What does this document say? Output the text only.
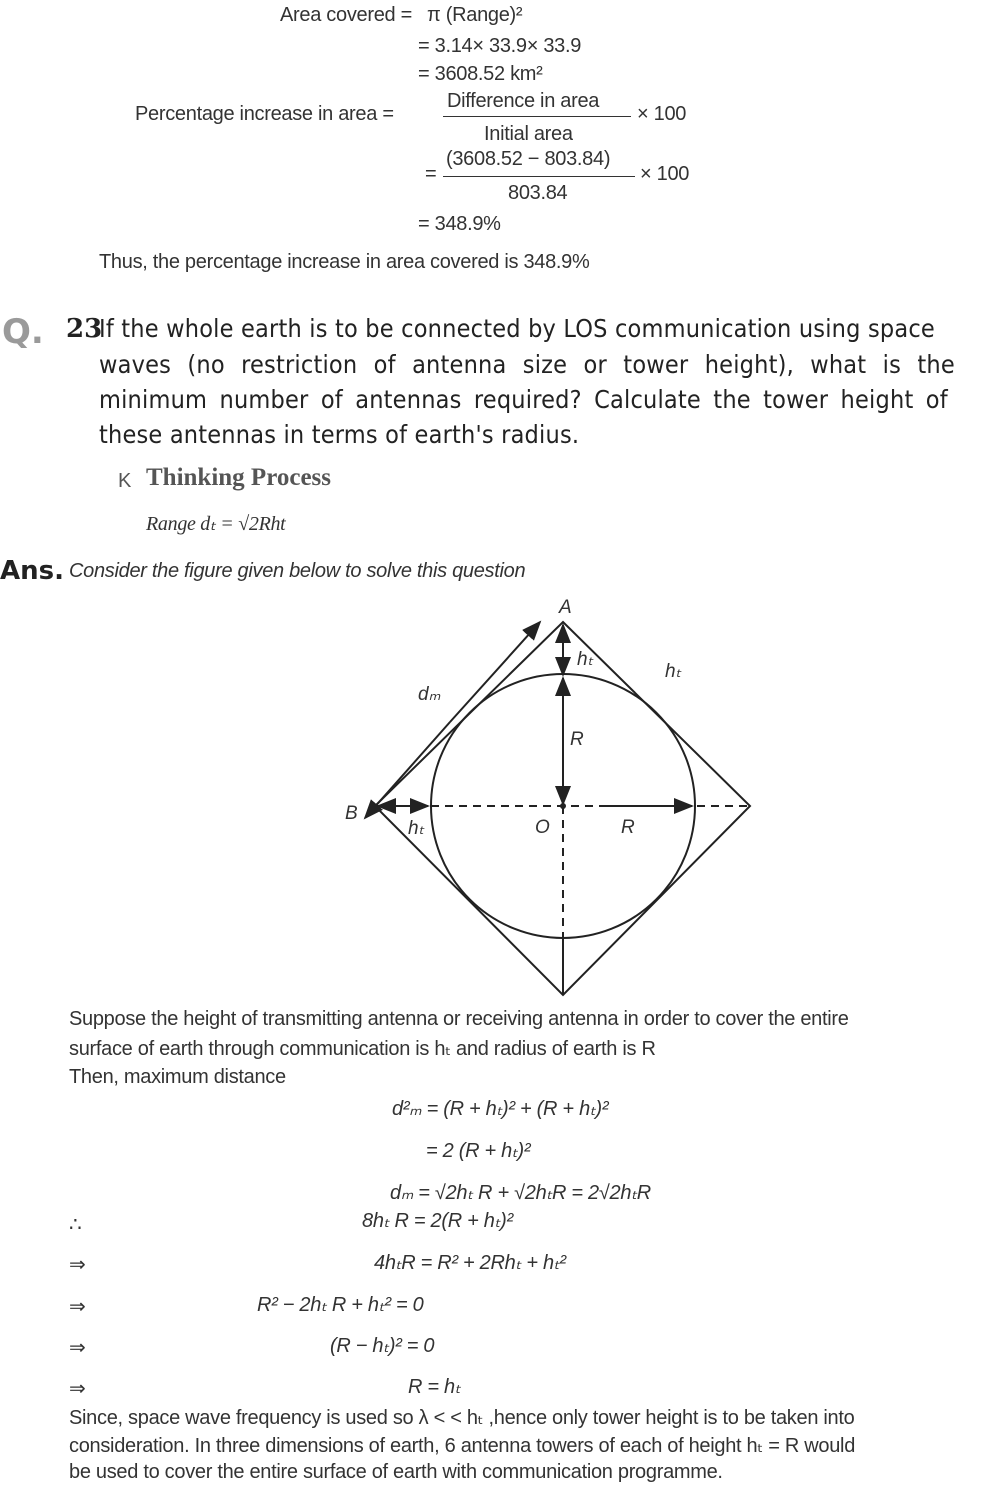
Area covered = π (Range)²
= 3.14× 33.9× 33.9
= 3608.52 km²
Percentage increase in area =
Difference in area
Initial area
× 100
=
(3608.52 − 803.84)
803.84
× 100
= 348.9%
Thus, the percentage increase in area covered is 348.9%
Q. 23
If the whole earth is to be connected by LOS communication using space
waves (no restriction of antenna size or tower height), what is the
minimum number of antennas required? Calculate the tower height of
these antennas in terms of earth's radius.
K Thinking Process
Range dₜ = √2Rht
Ans. Consider the figure given below to solve this question
A
hₜ
hₜ
dₘ
R
B
hₜ	O	R
Suppose the height of transmitting antenna or receiving antenna in order to cover the entire
surface of earth through communication is hₜ and radius of earth is R
Then, maximum distance
d²ₘ = (R + hₜ)² + (R + hₜ)²
= 2 (R + hₜ)²
dₘ = √2hₜ R + √2hₜR = 2√2hₜR
∴	8hₜ R = 2(R + hₜ)²
⇒	4hₜR = R² + 2Rhₜ + hₜ²
⇒	R² − 2hₜ R + hₜ² = 0
⇒	(R − hₜ)² = 0
⇒	R = hₜ
Since, space wave frequency is used so λ < < hₜ ,hence only tower height is to be taken into
consideration. In three dimensions of earth, 6 antenna towers of each of height hₜ = R would
be used to cover the entire surface of earth with communication programme.
